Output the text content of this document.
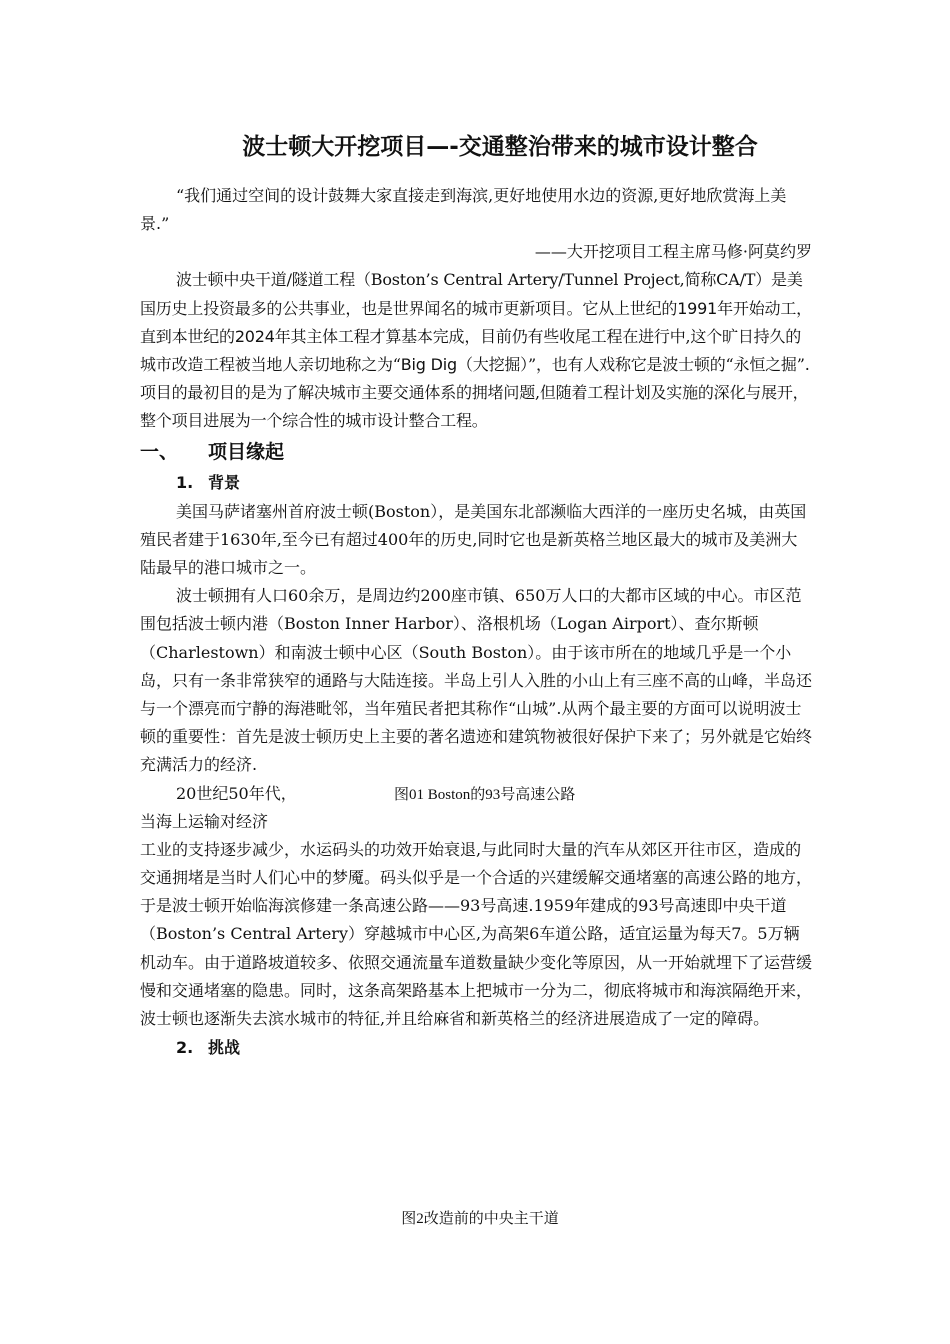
波士顿大开挖项目—-交通整治带来的城市设计整合

“我们通过空间的设计鼓舞大家直接走到海滨,更好地使用水边的资源,更好地欣赏海上美景.”

——大开挖项目工程主席马修·阿莫约罗

波士顿中央干道/隧道工程（Boston’s Central Artery/Tunnel Project,简称CA/T）是美国历史上投资最多的公共事业，也是世界闻名的城市更新项目。它从上世纪的1991年开始动工，直到本世纪的2024年其主体工程才算基本完成，目前仍有些收尾工程在进行中,这个旷日持久的城市改造工程被当地人亲切地称之为“Big Dig（大挖掘）”，也有人戏称它是波士顿的“永恒之掘”.项目的最初目的是为了解决城市主要交通体系的拥堵问题,但随着工程计划及实施的深化与展开，整个项目进展为一个综合性的城市设计整合工程。

一、 项目缘起
1. 背景

美国马萨诸塞州首府波士顿(Boston），是美国东北部濒临大西洋的一座历史名城，由英国殖民者建于1630年,至今已有超过400年的历史,同时它也是新英格兰地区最大的城市及美洲大陆最早的港口城市之一。

波士顿拥有人口60余万，是周边约200座市镇、650万人口的大都市区域的中心。市区范围包括波士顿内港（Boston Inner Harbor）、洛根机场（Logan Airport）、查尔斯顿（Charlestown）和南波士顿中心区（South Boston）。由于该市所在的地域几乎是一个小岛，只有一条非常狭窄的通路与大陆连接。半岛上引人入胜的小山上有三座不高的山峰，半岛还与一个漂亮而宁静的海港毗邻，当年殖民者把其称作“山城”.从两个最主要的方面可以说明波士顿的重要性：首先是波士顿历史上主要的著名遗迹和建筑物被很好保护下来了；另外就是它始终充满活力的经济.

20世纪50年代，	图01 Boston的93号高速公路

当海上运输对经济

工业的支持逐步减少，水运码头的功效开始衰退,与此同时大量的汽车从郊区开往市区，造成的交通拥堵是当时人们心中的梦魇。码头似乎是一个合适的兴建缓解交通堵塞的高速公路的地方，于是波士顿开始临海滨修建一条高速公路——93号高速.1959年建成的93号高速即中央干道（Boston’s Central Artery）穿越城市中心区,为高架6车道公路，适宜运量为每天7。5万辆机动车。由于道路坡道较多、依照交通流量车道数量缺少变化等原因，从一开始就埋下了运营缓慢和交通堵塞的隐患。同时，这条高架路基本上把城市一分为二，彻底将城市和海滨隔绝开来，波士顿也逐渐失去滨水城市的特征,并且给麻省和新英格兰的经济进展造成了一定的障碍。

2. 挑战
图2改造前的中央主干道
